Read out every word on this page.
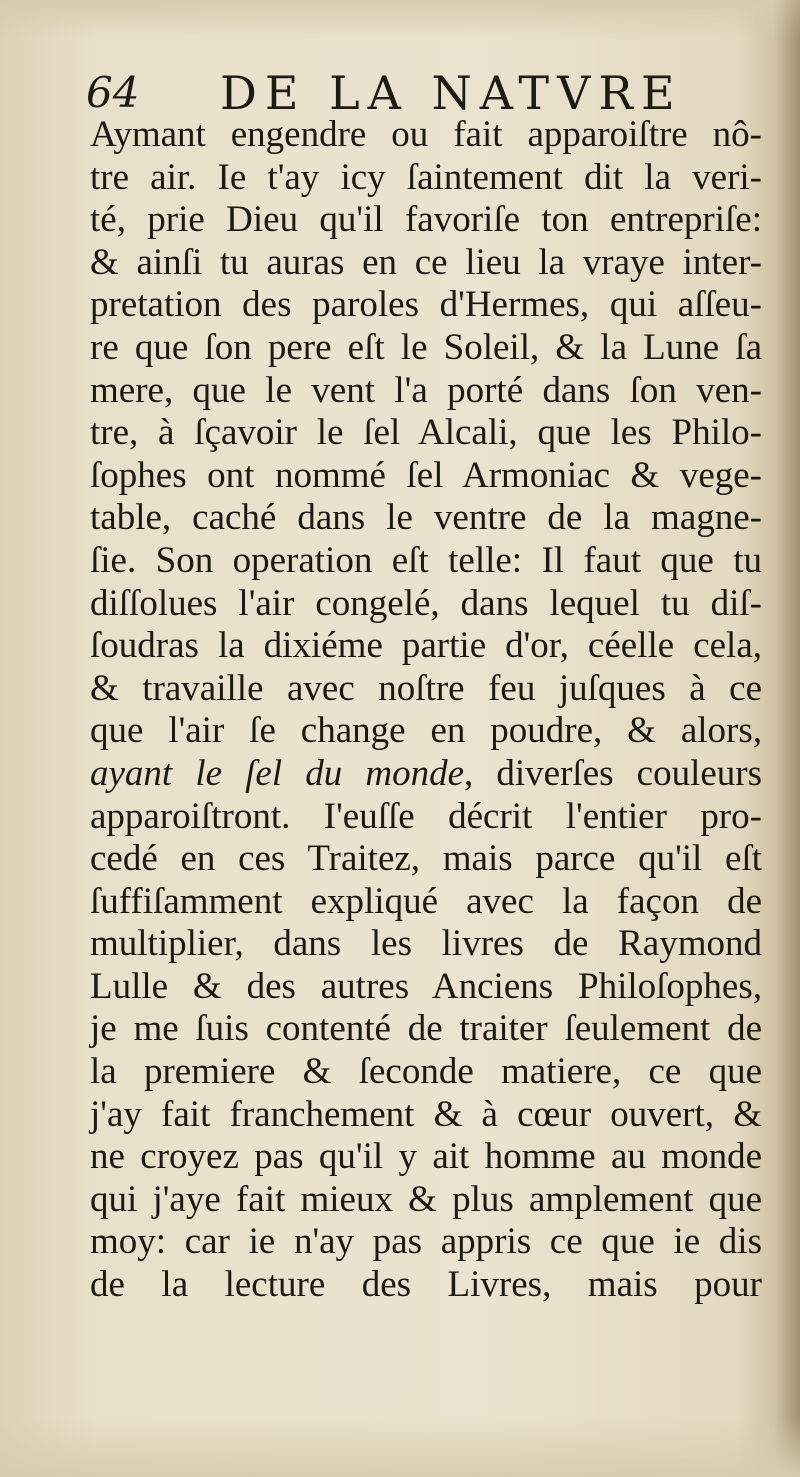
64 DE LA NATVRE
Aymant engendre ou fait apparoiſtre nô-
tre air. Ie t'ay icy ſaintement dit la veri-
té, prie Dieu qu'il favoriſe ton entrepriſe:
& ainſi tu auras en ce lieu la vraye inter-
pretation des paroles d'Hermes, qui aſſeu-
re que ſon pere eſt le Soleil, & la Lune ſa
mere, que le vent l'a porté dans ſon ven-
tre, à ſçavoir le ſel Alcali, que les Philo-
ſophes ont nommé ſel Armoniac & vege-
table, caché dans le ventre de la magne-
ſie. Son operation eſt telle: Il faut que tu
diſſolues l'air congelé, dans lequel tu diſ-
ſoudras la dixiéme partie d'or, céelle cela,
& travaille avec noſtre feu juſques à ce
que l'air ſe change en poudre, & alors,
ayant le ſel du monde, diverſes couleurs
apparoiſtront. I'euſſe décrit l'entier pro-
cedé en ces Traitez, mais parce qu'il eſt
ſuffiſamment expliqué avec la façon de
multiplier, dans les livres de Raymond
Lulle & des autres Anciens Philoſophes,
je me ſuis contenté de traiter ſeulement de
la premiere & ſeconde matiere, ce que
j'ay fait franchement & à cœur ouvert, &
ne croyez pas qu'il y ait homme au monde
qui j'aye fait mieux & plus amplement que
moy: car ie n'ay pas appris ce que ie dis
de la lecture des Livres, mais pour
